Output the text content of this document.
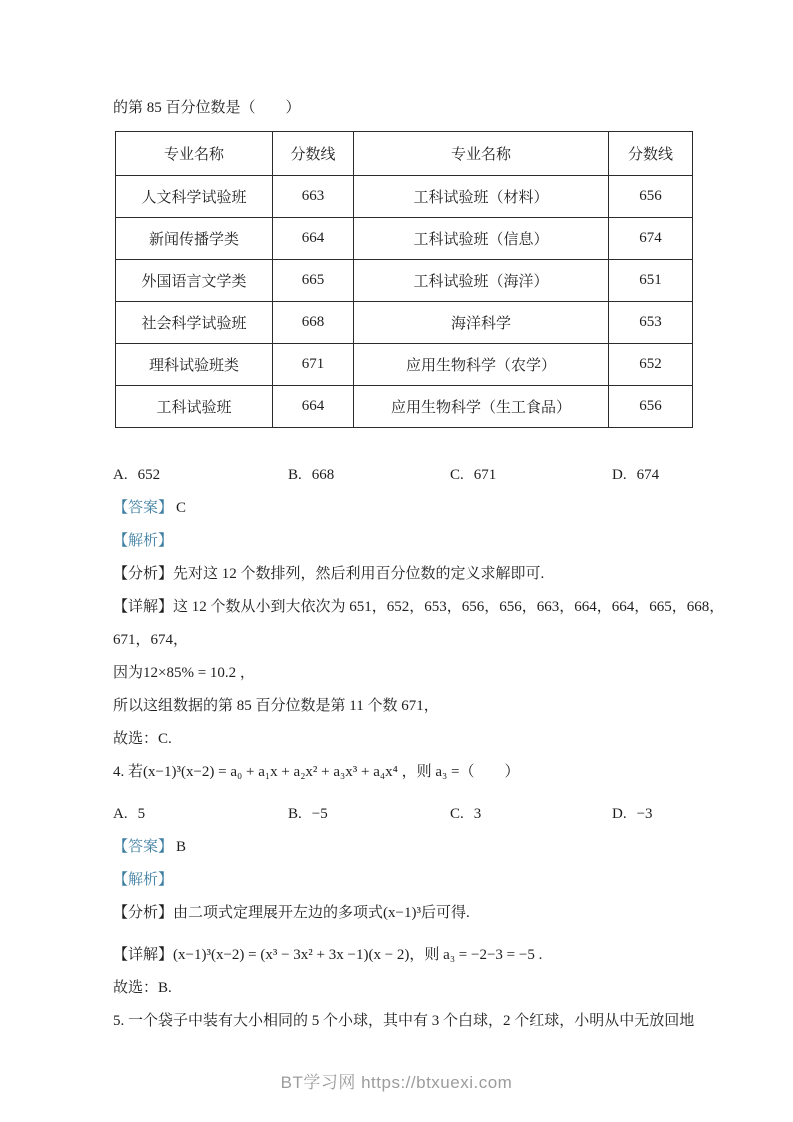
的第 85 百分位数是（　　）

专业名称	分数线	专业名称	分数线
人文科学试验班	663	工科试验班（材料）	656
新闻传播学类	664	工科试验班（信息）	674
外国语言文学类	665	工科试验班（海洋）	651
社会科学试验班	668	海洋科学	653
理科试验班类	671	应用生物科学（农学）	652
工科试验班	664	应用生物科学（生工食品）	656
A. 652	B. 668	C. 671	D. 674

【答案】 C

【解析】

【分析】先对这 12 个数排列，然后利用百分位数的定义求解即可.

【详解】这 12 个数从小到大依次为 651，652，653，656，656，663，664，664，665，668，

671，674，

因为12×85% = 10.2 ，

所以这组数据的第 85 百分位数是第 11 个数 671，

故选：C.

4. 若(x−1)³(x−2) = a₀ + a₁x + a₂x² + a₃x³ + a₄x⁴ ，则 a₃ =（　　）

A. 5	B. −5	C. 3	D. −3

【答案】 B

【解析】

【分析】由二项式定理展开左边的多项式(x−1)³后可得.

【详解】(x−1)³(x−2) = (x³ − 3x² + 3x −1)(x − 2)，则 a₃ = −2−3 = −5 .

故选：B.

5. 一个袋子中装有大小相同的 5 个小球，其中有 3 个白球，2 个红球，小明从中无放回地

BT学习网 https://btxuexi.com
